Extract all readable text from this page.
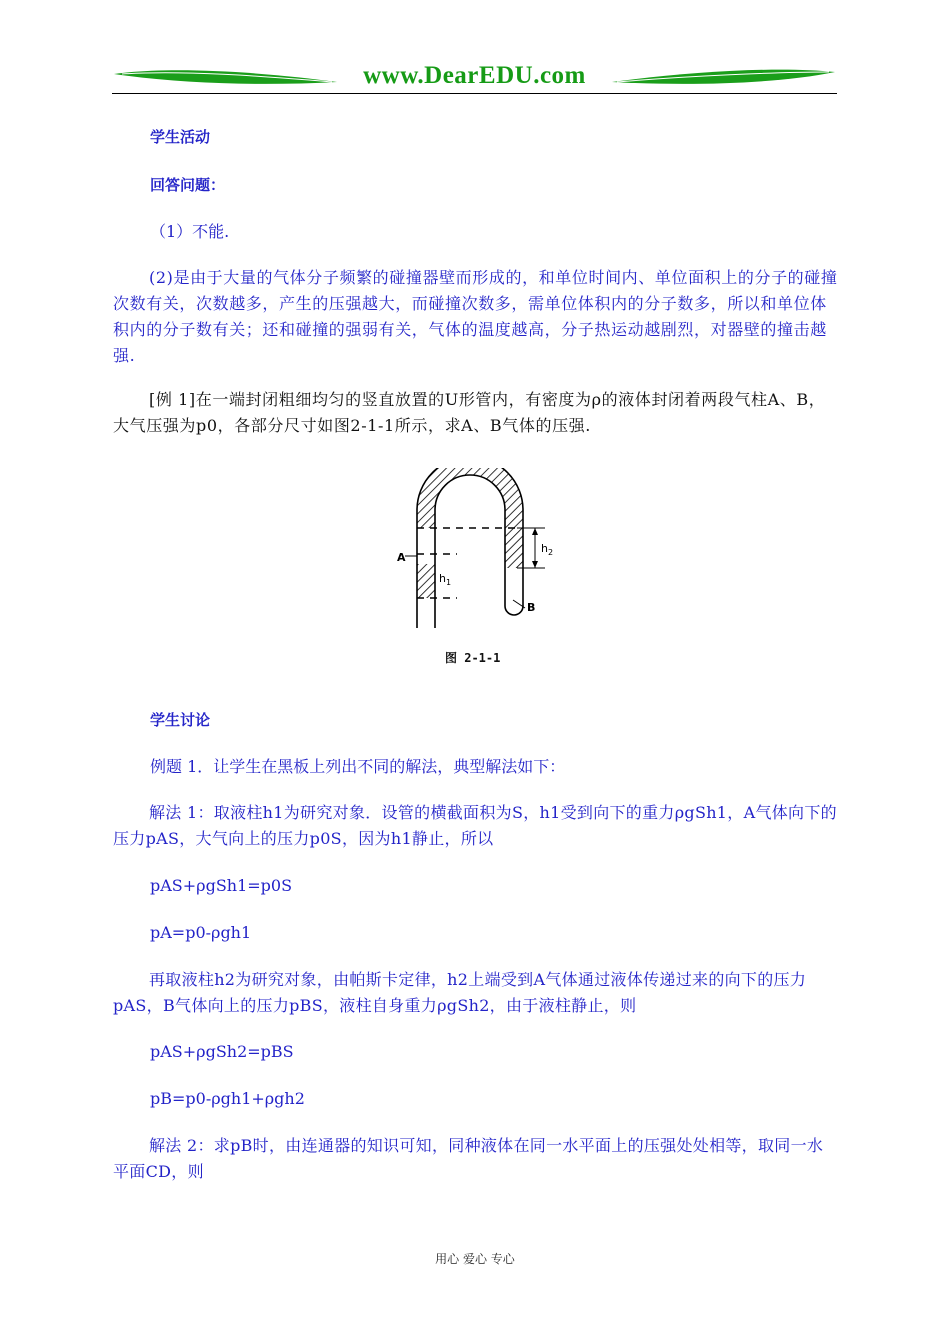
www.DearEDU.com
学生活动
回答问题：
（1）不能.
(2)是由于大量的气体分子频繁的碰撞器壁而形成的，和单位时间内、单位面积上的分子的碰撞次数有关，次数越多，产生的压强越大，而碰撞次数多，需单位体积内的分子数多，所以和单位体积内的分子数有关；还和碰撞的强弱有关，气体的温度越高，分子热运动越剧烈，对器壁的撞击越强.
[例 1]在一端封闭粗细均匀的竖直放置的U形管内，有密度为ρ的液体封闭着两段气柱A、B，大气压强为p0，各部分尺寸如图2-1-1所示，求A、B气体的压强.
A
B
$h_1$
$h_2$
图 2-1-1
学生讨论
例题 1．让学生在黑板上列出不同的解法，典型解法如下：
解法 1：取液柱h1为研究对象．设管的横截面积为S，h1受到向下的重力ρgSh1，A气体向下的压力pAS，大气向上的压力p0S，因为h1静止，所以
pAS+ρgSh1=p0S
pA=p0-ρgh1
再取液柱h2为研究对象，由帕斯卡定律，h2上端受到A气体通过液体传递过来的向下的压力pAS，B气体向上的压力pBS，液柱自身重力ρgSh2，由于液柱静止，则
pAS+ρgSh2=pBS
pB=p0-ρgh1+ρgh2
解法 2：求pB时，由连通器的知识可知，同种液体在同一水平面上的压强处处相等，取同一水平面CD，则
用心 爱心 专心
